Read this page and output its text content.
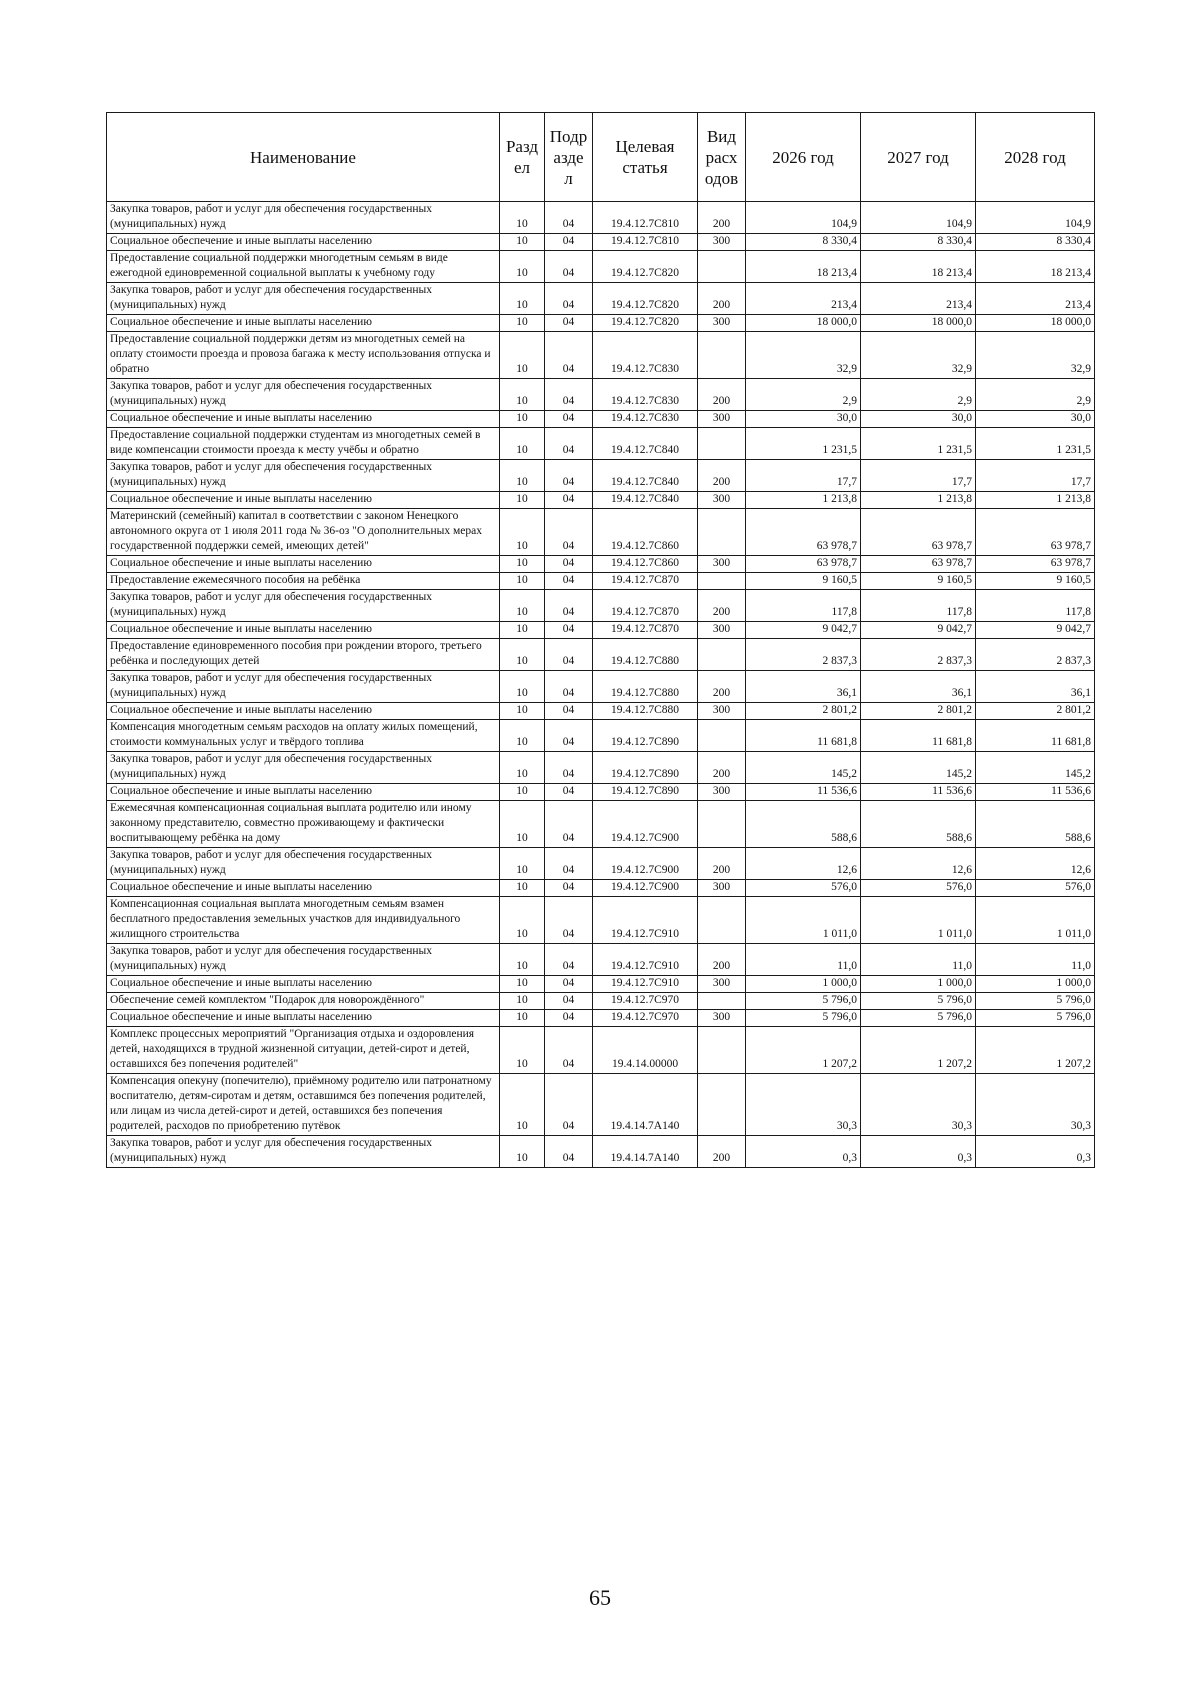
Наименование	Разд ел	Подр азде л	Целевая статья	Вид расх одов	2026 год	2027 год	2028 год
Закупка товаров, работ и услуг для обеспечения государственных (муниципальных) нужд	10	04	19.4.12.7С810	200	104,9	104,9	104,9
Социальное обеспечение и иные выплаты населению	10	04	19.4.12.7С810	300	8 330,4	8 330,4	8 330,4
Предоставление социальной поддержки многодетным семьям в виде ежегодной единовременной социальной выплаты к учебному году	10	04	19.4.12.7С820		18 213,4	18 213,4	18 213,4
Закупка товаров, работ и услуг для обеспечения государственных (муниципальных) нужд	10	04	19.4.12.7С820	200	213,4	213,4	213,4
Социальное обеспечение и иные выплаты населению	10	04	19.4.12.7С820	300	18 000,0	18 000,0	18 000,0
Предоставление социальной поддержки детям из многодетных семей на оплату стоимости проезда и провоза багажа к месту использования отпуска и обратно	10	04	19.4.12.7С830		32,9	32,9	32,9
Закупка товаров, работ и услуг для обеспечения государственных (муниципальных) нужд	10	04	19.4.12.7С830	200	2,9	2,9	2,9
Социальное обеспечение и иные выплаты населению	10	04	19.4.12.7С830	300	30,0	30,0	30,0
Предоставление социальной поддержки студентам из многодетных семей в виде компенсации стоимости проезда к месту учёбы и обратно	10	04	19.4.12.7С840		1 231,5	1 231,5	1 231,5
Закупка товаров, работ и услуг для обеспечения государственных (муниципальных) нужд	10	04	19.4.12.7С840	200	17,7	17,7	17,7
Социальное обеспечение и иные выплаты населению	10	04	19.4.12.7С840	300	1 213,8	1 213,8	1 213,8
Материнский (семейный) капитал в соответствии с законом Ненецкого автономного округа от 1 июля 2011 года № 36-оз "О дополнительных мерах государственной поддержки семей, имеющих детей"	10	04	19.4.12.7С860		63 978,7	63 978,7	63 978,7
Социальное обеспечение и иные выплаты населению	10	04	19.4.12.7С860	300	63 978,7	63 978,7	63 978,7
Предоставление ежемесячного пособия на ребёнка	10	04	19.4.12.7С870		9 160,5	9 160,5	9 160,5
Закупка товаров, работ и услуг для обеспечения государственных (муниципальных) нужд	10	04	19.4.12.7С870	200	117,8	117,8	117,8
Социальное обеспечение и иные выплаты населению	10	04	19.4.12.7С870	300	9 042,7	9 042,7	9 042,7
Предоставление единовременного пособия при рождении второго, третьего ребёнка и последующих детей	10	04	19.4.12.7С880		2 837,3	2 837,3	2 837,3
Закупка товаров, работ и услуг для обеспечения государственных (муниципальных) нужд	10	04	19.4.12.7С880	200	36,1	36,1	36,1
Социальное обеспечение и иные выплаты населению	10	04	19.4.12.7С880	300	2 801,2	2 801,2	2 801,2
Компенсация многодетным семьям расходов на оплату жилых помещений, стоимости коммунальных услуг и твёрдого топлива	10	04	19.4.12.7С890		11 681,8	11 681,8	11 681,8
Закупка товаров, работ и услуг для обеспечения государственных (муниципальных) нужд	10	04	19.4.12.7С890	200	145,2	145,2	145,2
Социальное обеспечение и иные выплаты населению	10	04	19.4.12.7С890	300	11 536,6	11 536,6	11 536,6
Ежемесячная компенсационная социальная выплата родителю или иному законному представителю, совместно проживающему и фактически воспитывающему ребёнка на дому	10	04	19.4.12.7С900		588,6	588,6	588,6
Закупка товаров, работ и услуг для обеспечения государственных (муниципальных) нужд	10	04	19.4.12.7С900	200	12,6	12,6	12,6
Социальное обеспечение и иные выплаты населению	10	04	19.4.12.7С900	300	576,0	576,0	576,0
Компенсационная социальная выплата многодетным семьям взамен бесплатного предоставления земельных участков для индивидуального жилищного строительства	10	04	19.4.12.7С910		1 011,0	1 011,0	1 011,0
Закупка товаров, работ и услуг для обеспечения государственных (муниципальных) нужд	10	04	19.4.12.7С910	200	11,0	11,0	11,0
Социальное обеспечение и иные выплаты населению	10	04	19.4.12.7С910	300	1 000,0	1 000,0	1 000,0
Обеспечение семей комплектом "Подарок для новорождённого"	10	04	19.4.12.7С970		5 796,0	5 796,0	5 796,0
Социальное обеспечение и иные выплаты населению	10	04	19.4.12.7С970	300	5 796,0	5 796,0	5 796,0
Комплекс процессных мероприятий "Организация отдыха и оздоровления детей, находящихся в трудной жизненной ситуации, детей-сирот и детей, оставшихся без попечения родителей"	10	04	19.4.14.00000		1 207,2	1 207,2	1 207,2
Компенсация опекуну (попечителю), приёмному родителю или патронатному воспитателю, детям-сиротам и детям, оставшимся без попечения родителей, или лицам из числа детей-сирот и детей, оставшихся без попечения родителей, расходов по приобретению путёвок	10	04	19.4.14.7А140		30,3	30,3	30,3
Закупка товаров, работ и услуг для обеспечения государственных (муниципальных) нужд	10	04	19.4.14.7А140	200	0,3	0,3	0,3
65
